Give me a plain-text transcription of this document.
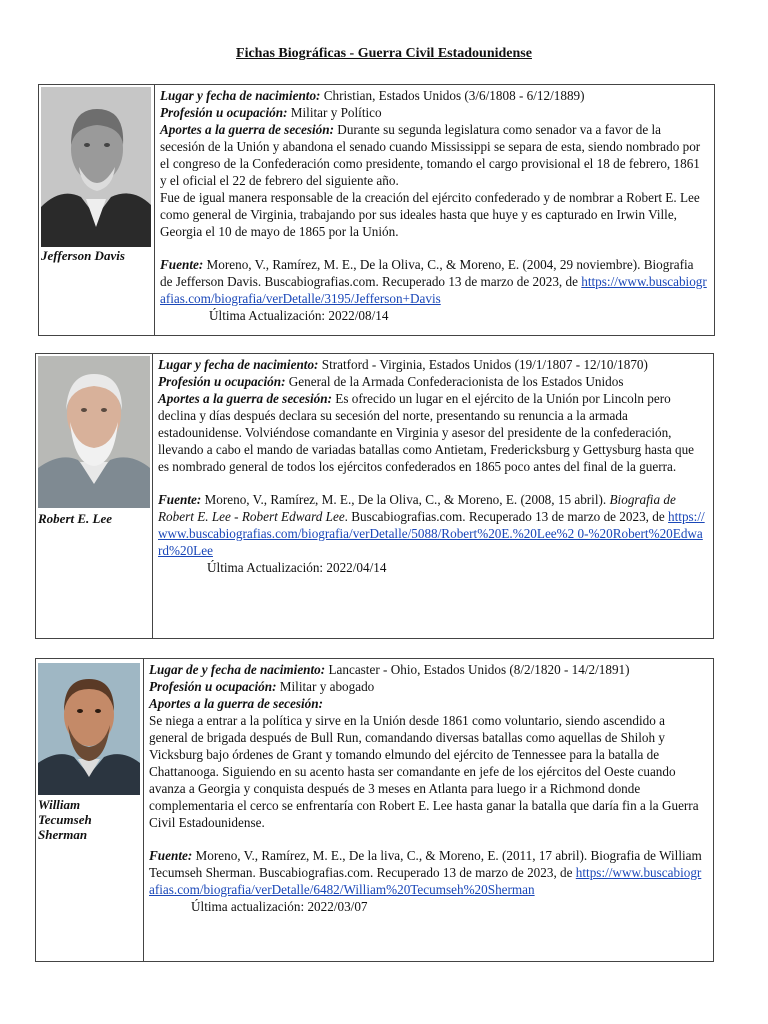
Fichas Biográficas - Guerra Civil Estadounidense
Jefferson Davis

Lugar y fecha de nacimiento: Christian, Estados Unidos (3/6/1808 - 6/12/1889)

Profesión u ocupación: Militar y Político

Aportes a la guerra de secesión: Durante su segunda legislatura como senador va a favor de la secesión de la Unión y abandona el senado cuando Mississippi se separa de esta, siendo nombrado por el congreso de la Confederación como presidente, tomando el cargo provisional el 18 de febrero, 1861 y el oficial el 22 de febrero del siguiente año.

Fue de igual manera responsable de la creación del ejército confederado y de nombrar a Robert E. Lee como general de Virginia, trabajando por sus ideales hasta que huye y es capturado en Irwin Ville, Georgia el 10 de mayo de 1865 por la Unión.

Fuente: Moreno, V., Ramírez, M. E., De la Oliva, C., & Moreno, E. (2004, 29 noviembre). Biografia de Jefferson Davis. Buscabiografias.com. Recuperado 13 de marzo de 2023, de https://www.buscabiografias.com/biografia/verDetalle/3195/Jefferson+Davis

Última Actualización: 2022/08/14

Robert E. Lee

Lugar y fecha de nacimiento: Stratford - Virginia, Estados Unidos (19/1/1807 - 12/10/1870)

Profesión u ocupación: General de la Armada Confederacionista de los Estados Unidos

Aportes a la guerra de secesión: Es ofrecido un lugar en el ejército de la Unión por Lincoln pero declina y días después declara su secesión del norte, presentando su renuncia a la armada estadounidense. Volviéndose comandante en Virginia y asesor del presidente de la confederación, llevando a cabo el mando de variadas batallas como Antietam, Fredericksburg y Gettysburg hasta que es nombrado general de todos los ejércitos confederados en 1865 poco antes del final de la guerra.

Fuente: Moreno, V., Ramírez, M. E., De la Oliva, C., & Moreno, E. (2008, 15 abril). Biografia de Robert E. Lee - Robert Edward Lee. Buscabiografias.com. Recuperado 13 de marzo de 2023, de https://www.buscabiografias.com/biografia/verDetalle/5088/Robert%20E.%20Lee%2 0-%20Robert%20Edward%20Lee

Última Actualización: 2022/04/14

William Tecumseh Sherman

Lugar de y fecha de nacimiento: Lancaster - Ohio, Estados Unidos (8/2/1820 - 14/2/1891)

Profesión u ocupación: Militar y abogado

Aportes a la guerra de secesión:

Se niega a entrar a la política y sirve en la Unión desde 1861 como voluntario, siendo ascendido a general de brigada después de Bull Run, comandando diversas batallas como aquellas de Shiloh y Vicksburg bajo órdenes de Grant y tomando elmundo del ejército de Tennessee para la batalla de Chattanooga. Siguiendo en su acento hasta ser comandante en jefe de los ejércitos del Oeste cuando avanza a Georgia y conquista después de 3 meses en Atlanta para luego ir a Richmond donde complementaria el cerco se enfrentaría con Robert E. Lee hasta ganar la batalla que daría fin a la Guerra Civil Estadounidense.

Fuente: Moreno, V., Ramírez, M. E., De la liva, C., & Moreno, E. (2011, 17 abril). Biografia de William Tecumseh Sherman. Buscabiografias.com. Recuperado 13 de marzo de 2023, de https://www.buscabiografias.com/biografia/verDetalle/6482/William%20Tecumseh%20Sherman

Última actualización: 2022/03/07
